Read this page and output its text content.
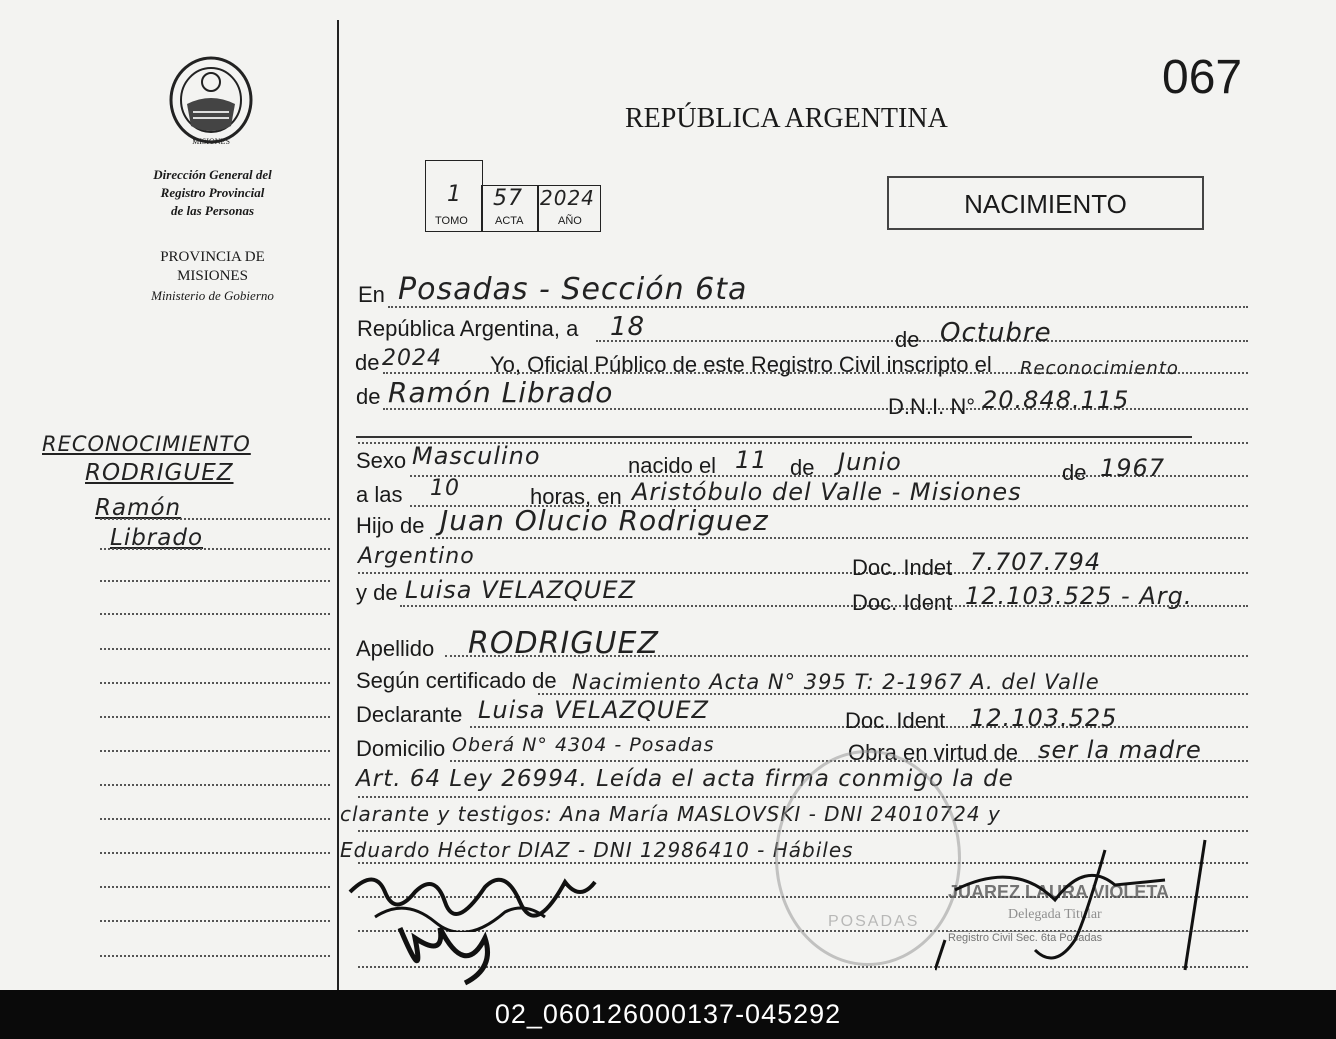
MISIONES
Dirección General del
Registro Provincial
de las Personas
PROVINCIA DE
MISIONES
Ministerio de Gobierno
RECONOCIMIENTO
RODRIGUEZ
Ramón
Librado
067
REPÚBLICA ARGENTINA
NACIMIENTO
1 57 2024
TOMO ACTA	AÑO
En Posadas - Sección 6ta
República Argentina, a 18	de Octubre
de 2024 Yo, Oficial Público de este Registro Civil inscripto el Reconocimiento
de Ramón Librado	D.N.I. N° 20.848.115
Sexo Masculino	nacido el 11 de Junio	de 1967
a las 10	horas, en Aristóbulo del Valle - Misiones
Hijo de Juan Olucio Rodriguez
Argentino	Doc. Indet 7.707.794
y de Luisa VELAZQUEZ	Doc. Ident 12.103.525 - Arg.
Apellido RODRIGUEZ
Según certificado de Nacimiento Acta N° 395 T: 2-1967 A. del Valle
Declarante Luisa VELAZQUEZ	Doc. Ident 12.103.525
Domicilio Oberá N° 4304 - Posadas	Obra en virtud de ser la madre
Art. 64 Ley 26994. Leída el acta firma conmigo la de
clarante y testigos: Ana María MASLOVSKI - DNI 24010724 y
Eduardo Héctor DIAZ - DNI 12986410 - Hábiles
POSADAS
JUAREZ LAURA VIOLETA
Delegada Titular
Registro Civil Sec. 6ta Posadas
02_060126000137-045292
